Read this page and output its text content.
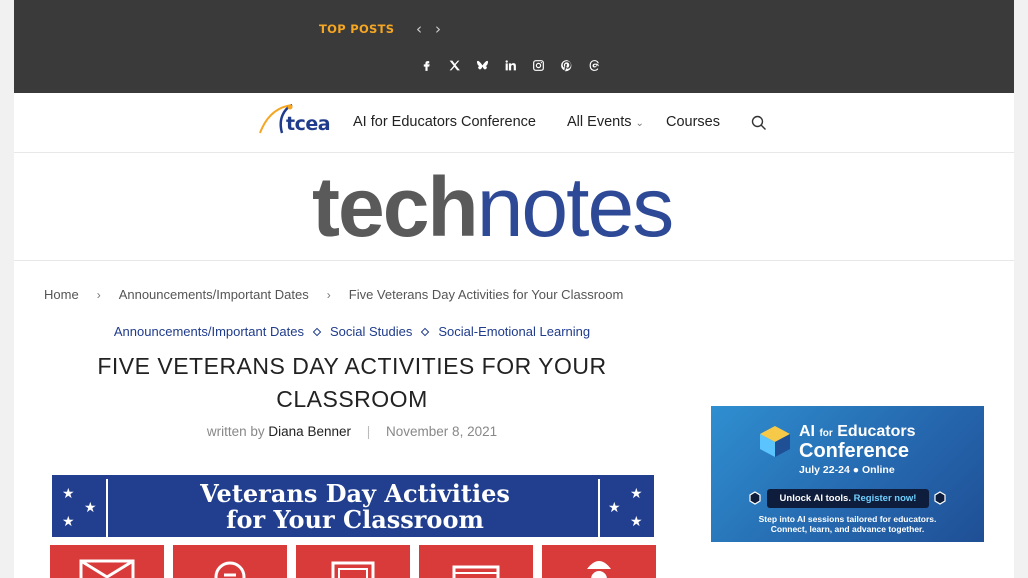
TOP POSTS ‹ ›
tcea AI for Educators Conference All Events ⌄ Courses
technotes
Home › Announcements/Important Dates › Five Veterans Day Activities for Your Classroom
Announcements/Important Dates Social Studies Social-Emotional Learning
FIVE VETERANS DAY ACTIVITIES FOR YOUR CLASSROOM
written by Diana Benner | November 8, 2021
★
★
★
★
★
★
Veterans Day Activities
for Your Classroom
AI for Educators
Conference
July 22-24 ● Online
Unlock AI tools. Register now!
Step into AI sessions tailored for educators.
Connect, learn, and advance together.
